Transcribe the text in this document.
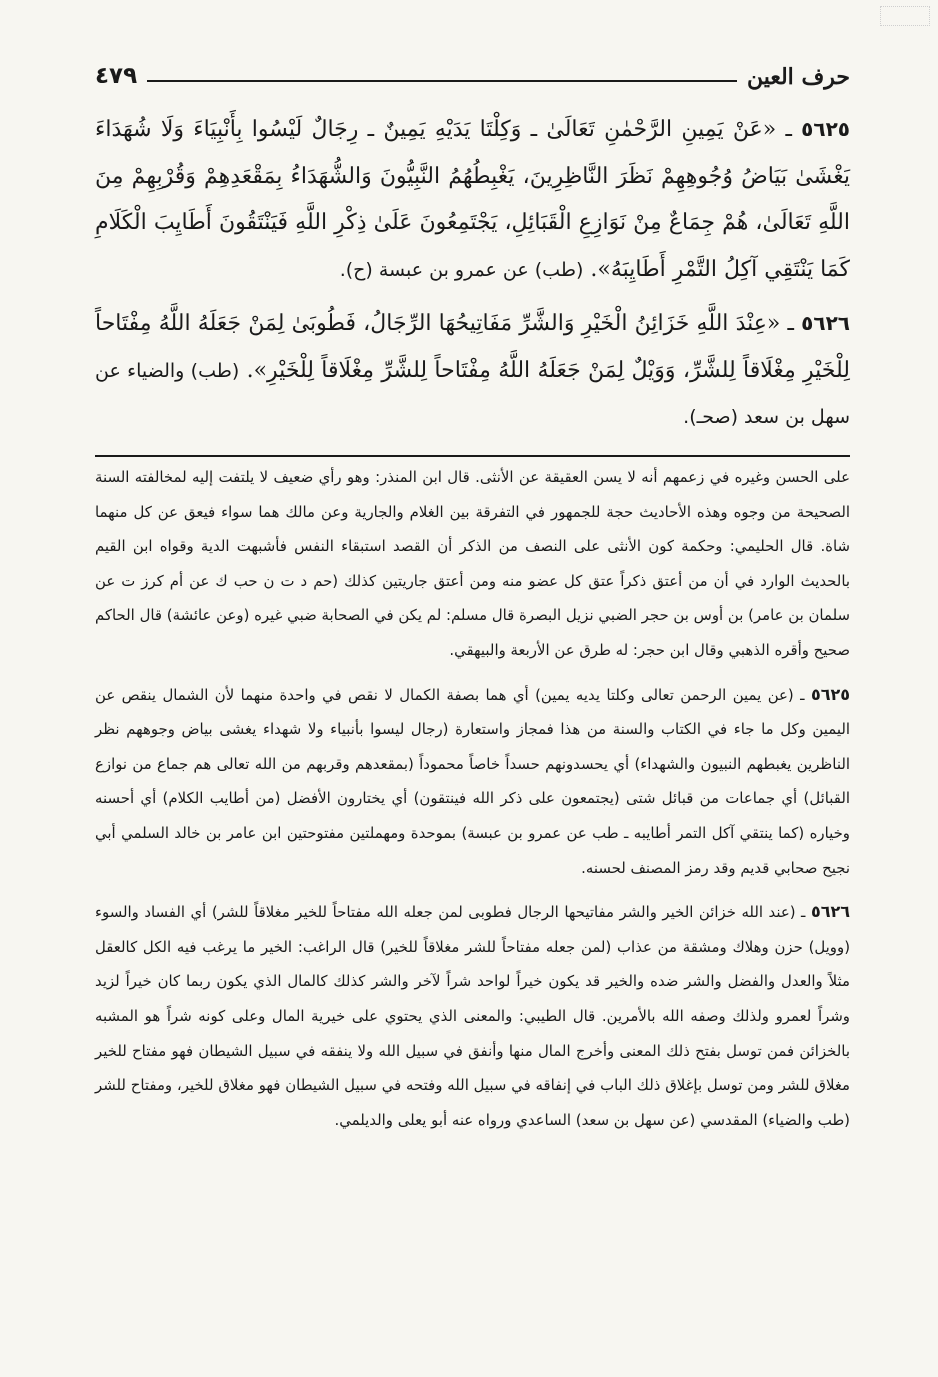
٤٧٩	حرف العين

٥٦٢٥ ـ «عَنْ يَمِينِ الرَّحْمٰنِ تَعَالَىٰ ـ وَكِلْتَا يَدَيْهِ يَمِينٌ ـ رِجَالٌ لَيْسُوا بِأَنْبِيَاءَ وَلَا شُهَدَاءَ يَغْشَىٰ بَيَاضُ وُجُوهِهِمْ نَظَرَ النَّاظِرِينَ، يَغْبِطُهُمُ النَّبِيُّونَ وَالشُّهَدَاءُ بِمَقْعَدِهِمْ وَقُرْبِهِمْ مِنَ اللَّهِ تَعَالَىٰ، هُمْ جِمَاعٌ مِنْ نَوَازِعِ الْقَبَائِلِ، يَجْتَمِعُونَ عَلَىٰ ذِكْرِ اللَّهِ فَيَنْتَقُونَ أَطَايِبَ الْكَلَامِ كَمَا يَنْتَقِي آكِلُ التَّمْرِ أَطَايِبَهُ». (طب) عن عمرو بن عبسة (ح).

٥٦٢٦ ـ «عِنْدَ اللَّهِ خَزَائِنُ الْخَيْرِ وَالشَّرِّ مَفَاتِيحُهَا الرِّجَالُ، فَطُوبَىٰ لِمَنْ جَعَلَهُ اللَّهُ مِفْتَاحاً لِلْخَيْرِ مِغْلَاقاً لِلشَّرِّ، وَوَيْلٌ لِمَنْ جَعَلَهُ اللَّهُ مِفْتَاحاً لِلشَّرِّ مِغْلَاقاً لِلْخَيْرِ». (طب) والضياء عن سهل بن سعد (صحـ).

على الحسن وغيره في زعمهم أنه لا يسن العقيقة عن الأنثى. قال ابن المنذر: وهو رأي ضعيف لا يلتفت إليه لمخالفته السنة الصحيحة من وجوه وهذه الأحاديث حجة للجمهور في التفرقة بين الغلام والجارية وعن مالك هما سواء فيعق عن كل منهما شاة. قال الحليمي: وحكمة كون الأنثى على النصف من الذكر أن القصد استبقاء النفس فأشبهت الدية وقواه ابن القيم بالحديث الوارد في أن من أعتق ذكراً عتق كل عضو منه ومن أعتق جاريتين كذلك (حم د ت ن حب ك عن أم كرز ت عن سلمان بن عامر) بن أوس بن حجر الضبي نزيل البصرة قال مسلم: لم يكن في الصحابة ضبي غيره (وعن عائشة) قال الحاكم صحيح وأقره الذهبي وقال ابن حجر: له طرق عن الأربعة والبيهقي.

٥٦٢٥ ـ (عن يمين الرحمن تعالى وكلتا يديه يمين) أي هما بصفة الكمال لا نقص في واحدة منهما لأن الشمال ينقص عن اليمين وكل ما جاء في الكتاب والسنة من هذا فمجاز واستعارة (رجال ليسوا بأنبياء ولا شهداء يغشى بياض وجوههم نظر الناظرين يغبطهم النبيون والشهداء) أي يحسدونهم حسداً خاصاً محموداً (بمقعدهم وقربهم من الله تعالى هم جماع من نوازع القبائل) أي جماعات من قبائل شتى (يجتمعون على ذكر الله فينتقون) أي يختارون الأفضل (من أطايب الكلام) أي أحسنه وخياره (كما ينتقي آكل التمر أطايبه ـ طب عن عمرو بن عبسة) بموحدة ومهملتين مفتوحتين ابن عامر بن خالد السلمي أبي نجيح صحابي قديم وقد رمز المصنف لحسنه.

٥٦٢٦ ـ (عند الله خزائن الخير والشر مفاتيحها الرجال فطوبى لمن جعله الله مفتاحاً للخير مغلاقاً للشر) أي الفساد والسوء (وويل) حزن وهلاك ومشقة من عذاب (لمن جعله مفتاحاً للشر مغلاقاً للخير) قال الراغب: الخير ما يرغب فيه الكل كالعقل مثلاً والعدل والفضل والشر ضده والخير قد يكون خيراً لواحد شراً لآخر والشر كذلك كالمال الذي يكون ربما كان خيراً لزيد وشراً لعمرو ولذلك وصفه الله بالأمرين. قال الطيبي: والمعنى الذي يحتوي على خيرية المال وعلى كونه شراً هو المشبه بالخزائن فمن توسل بفتح ذلك المعنى وأخرج المال منها وأنفق في سبيل الله ولا ينفقه في سبيل الشيطان فهو مفتاح للخير مغلاق للشر ومن توسل بإغلاق ذلك الباب في إنفاقه في سبيل الله وفتحه في سبيل الشيطان فهو مغلاق للخير، ومفتاح للشر (طب والضياء) المقدسي (عن سهل بن سعد) الساعدي ورواه عنه أبو يعلى والديلمي.
